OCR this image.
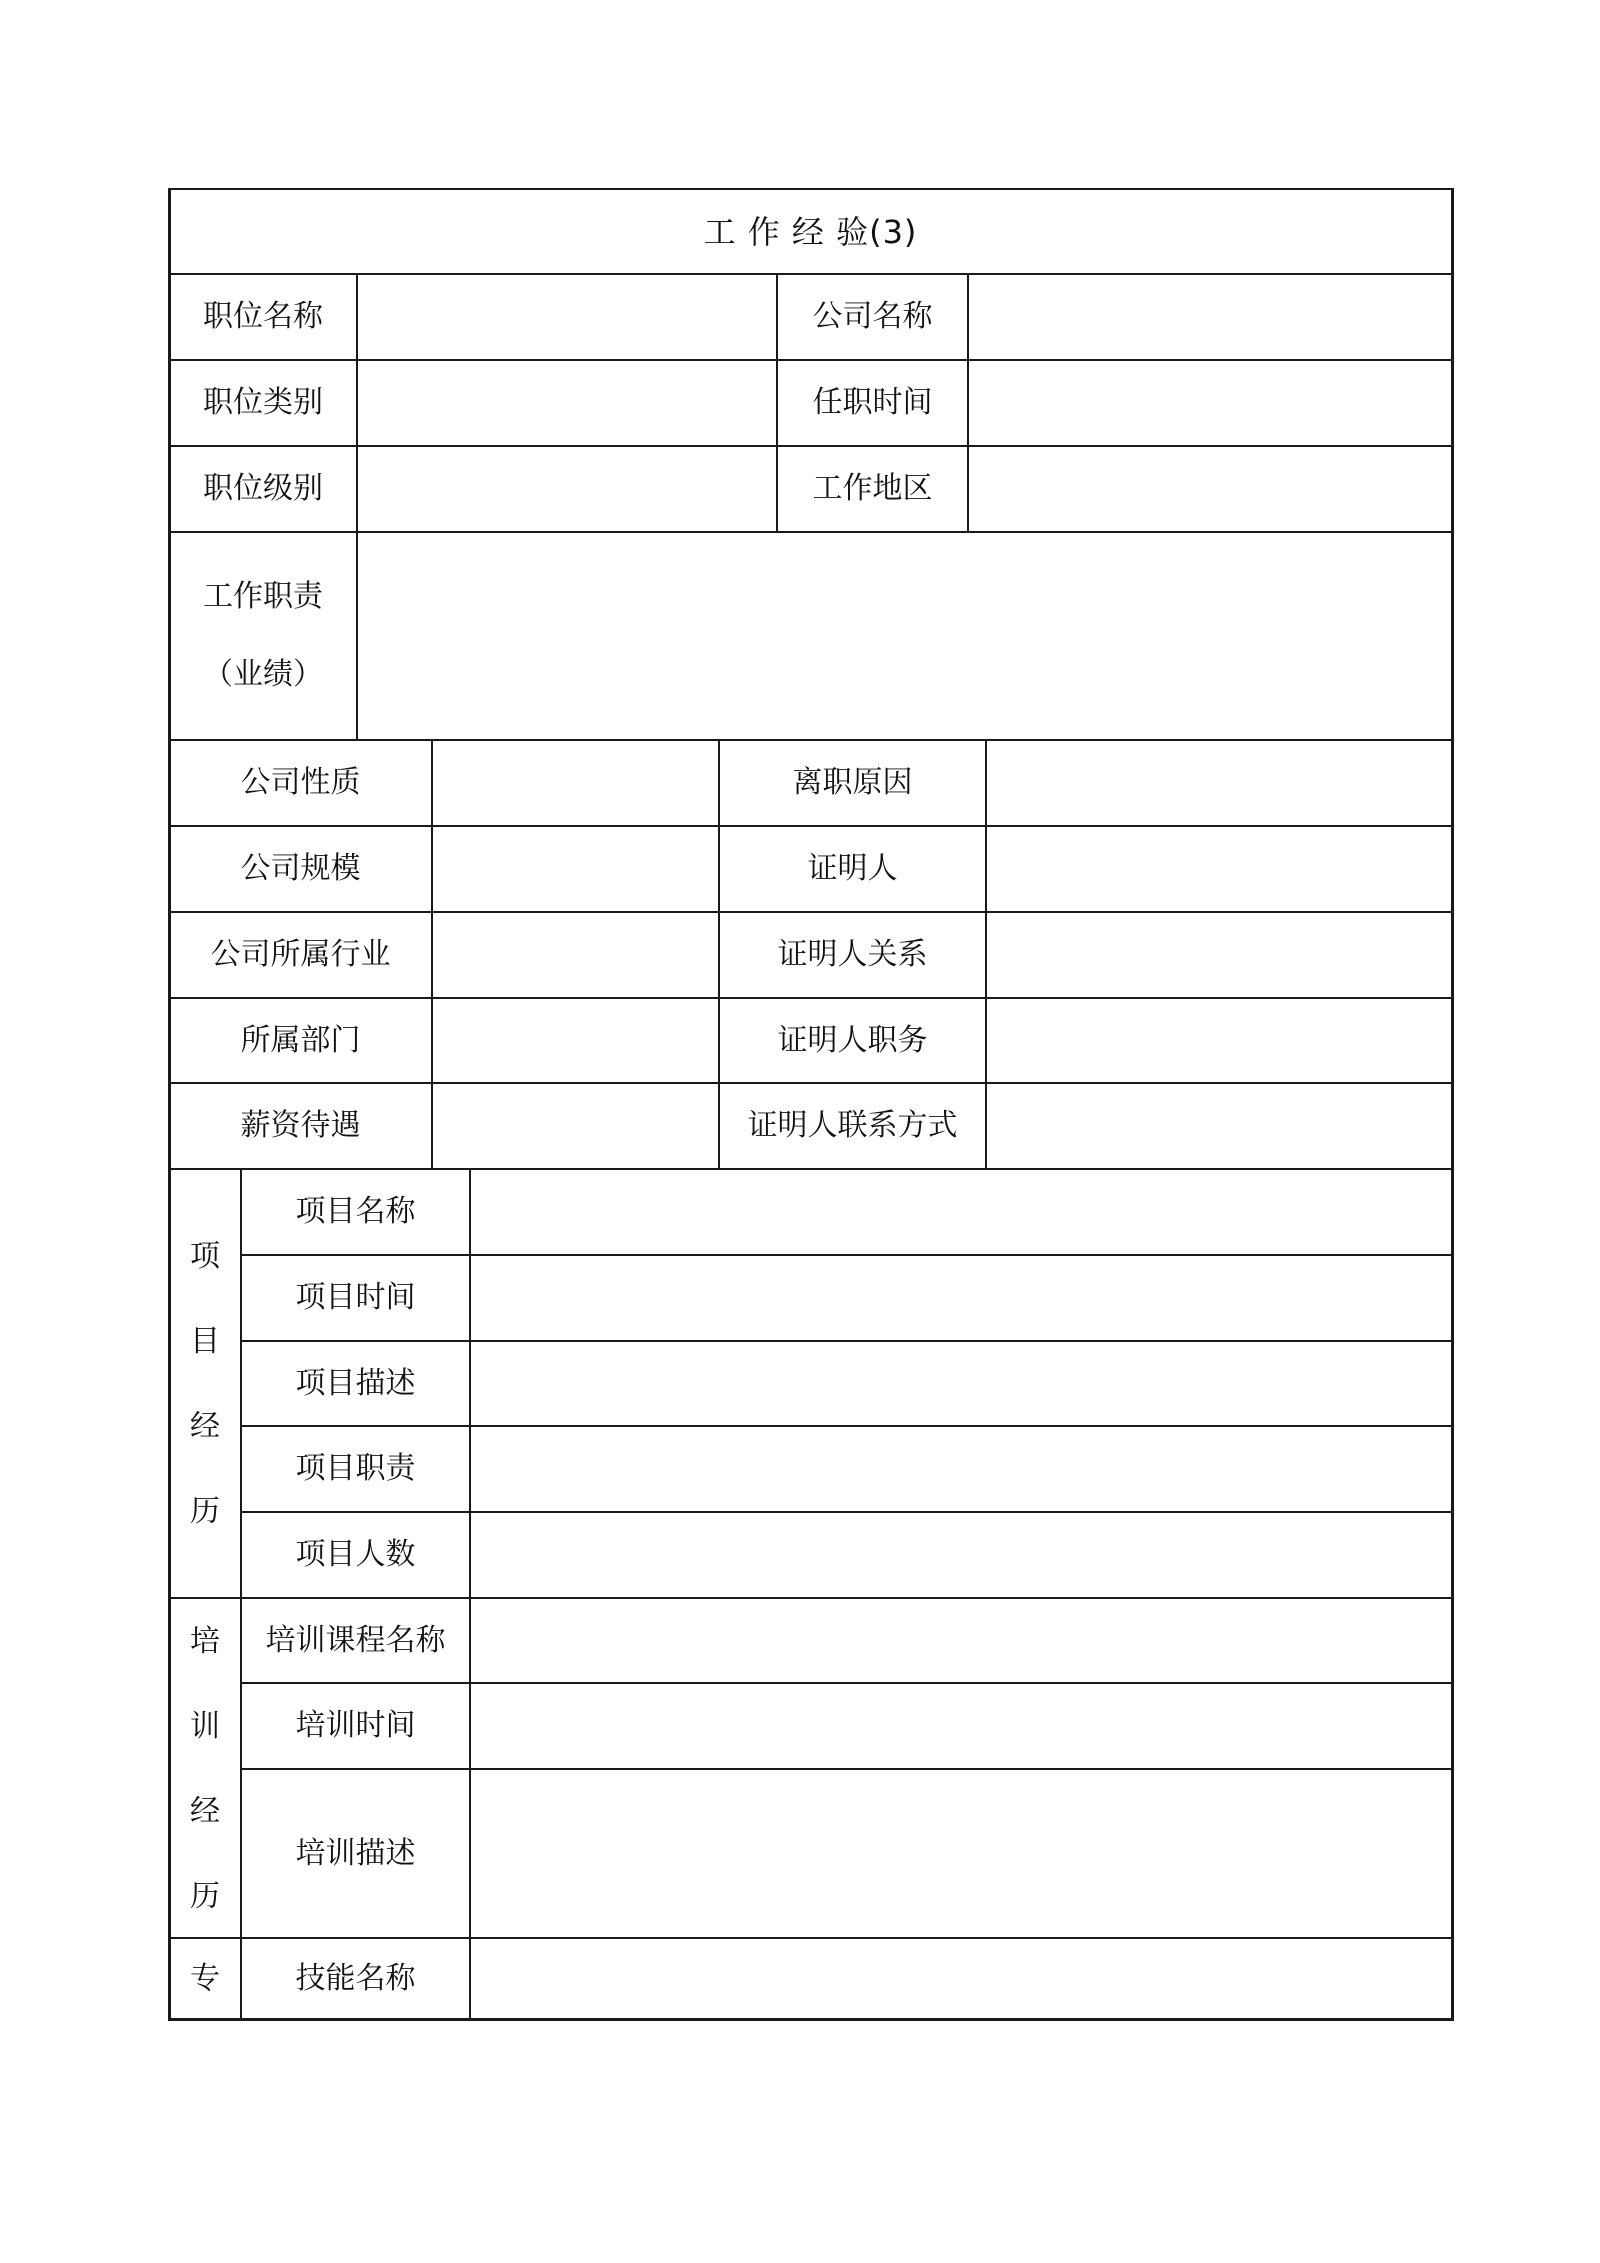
工 作 经 验(3)
职位名称	公司名称
职位类别	任职时间
职位级别	工作地区
工作职责
（业绩）
公司性质	离职原因
公司规模	证明人
公司所属行业	证明人关系
所属部门	证明人职务
薪资待遇	证明人联系方式
项
目
经
历
项目名称
项目时间
项目描述
项目职责
项目人数
培
训
经
历
培训课程名称
培训时间
培训描述
专	技能名称
